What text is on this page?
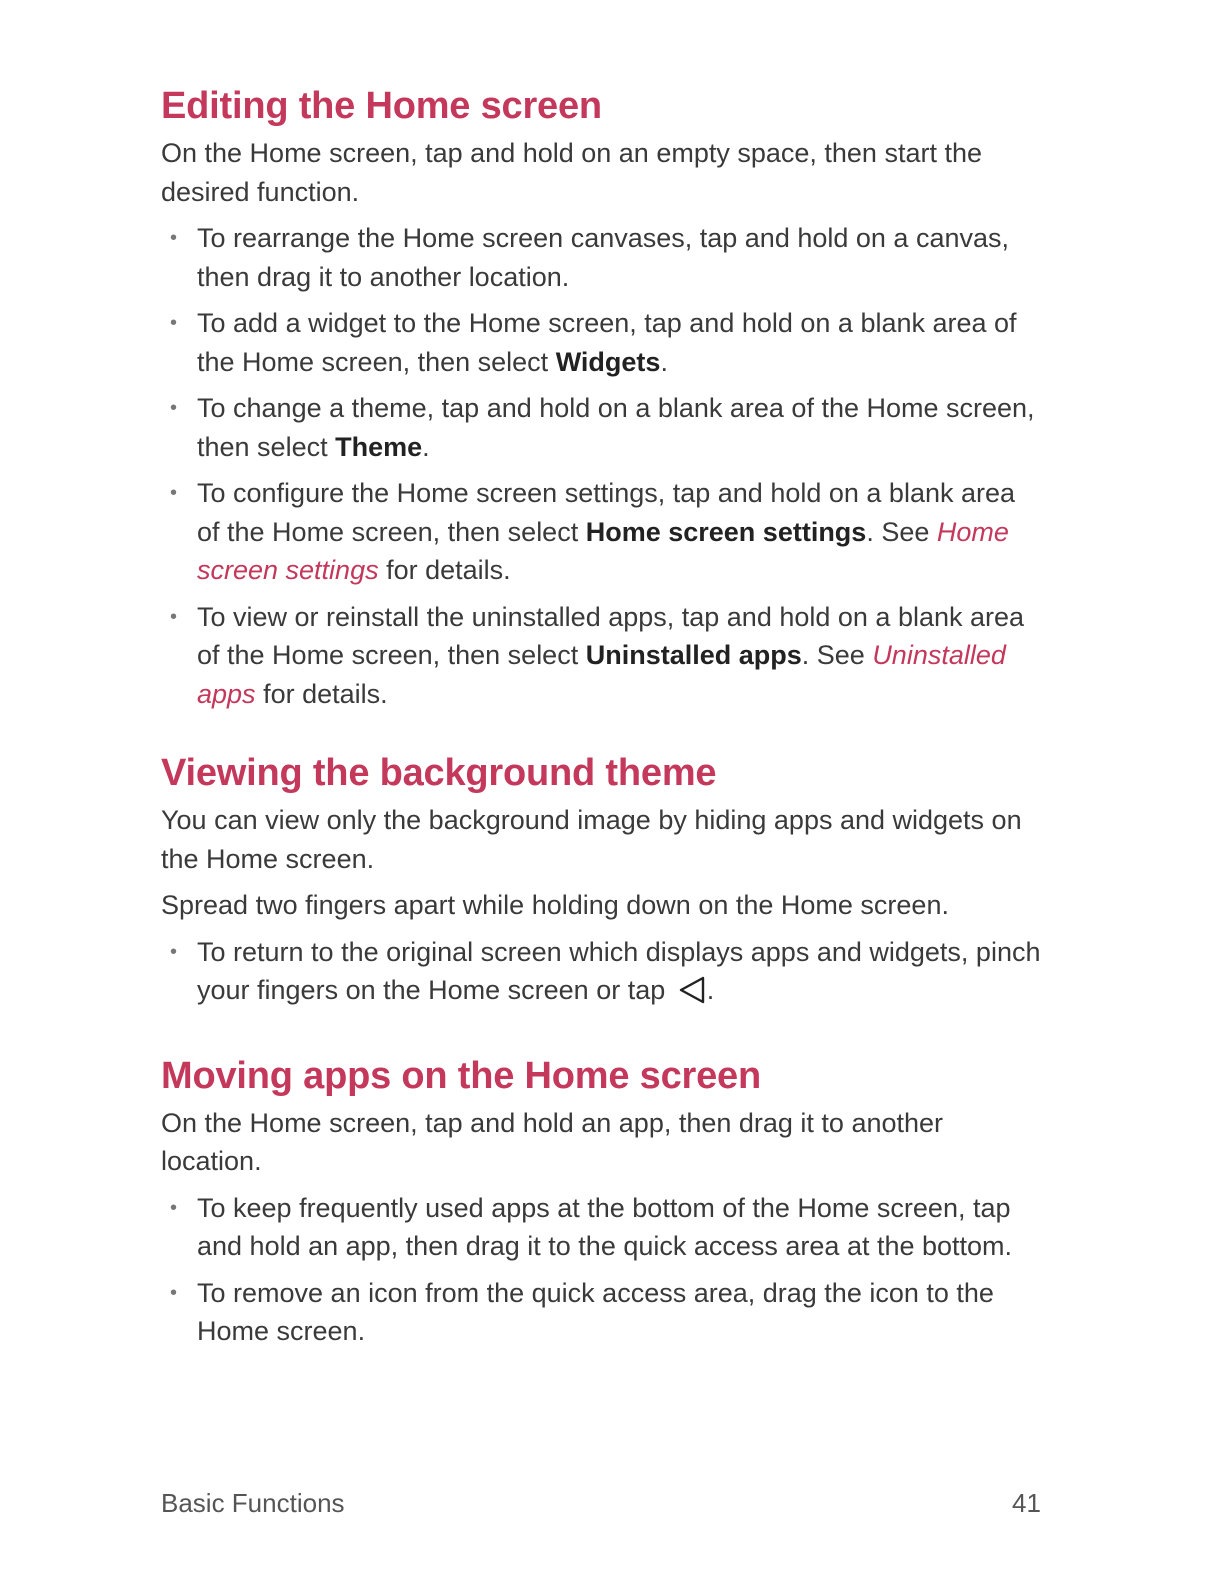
Editing the Home screen

On the Home screen, tap and hold on an empty space, then start the desired function.

• To rearrange the Home screen canvases, tap and hold on a canvas, then drag it to another location.
• To add a widget to the Home screen, tap and hold on a blank area of the Home screen, then select Widgets.
• To change a theme, tap and hold on a blank area of the Home screen, then select Theme.
• To configure the Home screen settings, tap and hold on a blank area of the Home screen, then select Home screen settings. See Home screen settings for details.
• To view or reinstall the uninstalled apps, tap and hold on a blank area of the Home screen, then select Uninstalled apps. See Uninstalled apps for details.
Viewing the background theme

You can view only the background image by hiding apps and widgets on the Home screen.

Spread two fingers apart while holding down on the Home screen.

• To return to the original screen which displays apps and widgets, pinch your fingers on the Home screen or tap .
Moving apps on the Home screen

On the Home screen, tap and hold an app, then drag it to another location.

• To keep frequently used apps at the bottom of the Home screen, tap and hold an app, then drag it to the quick access area at the bottom.
• To remove an icon from the quick access area, drag the icon to the Home screen.
Basic Functions	41
